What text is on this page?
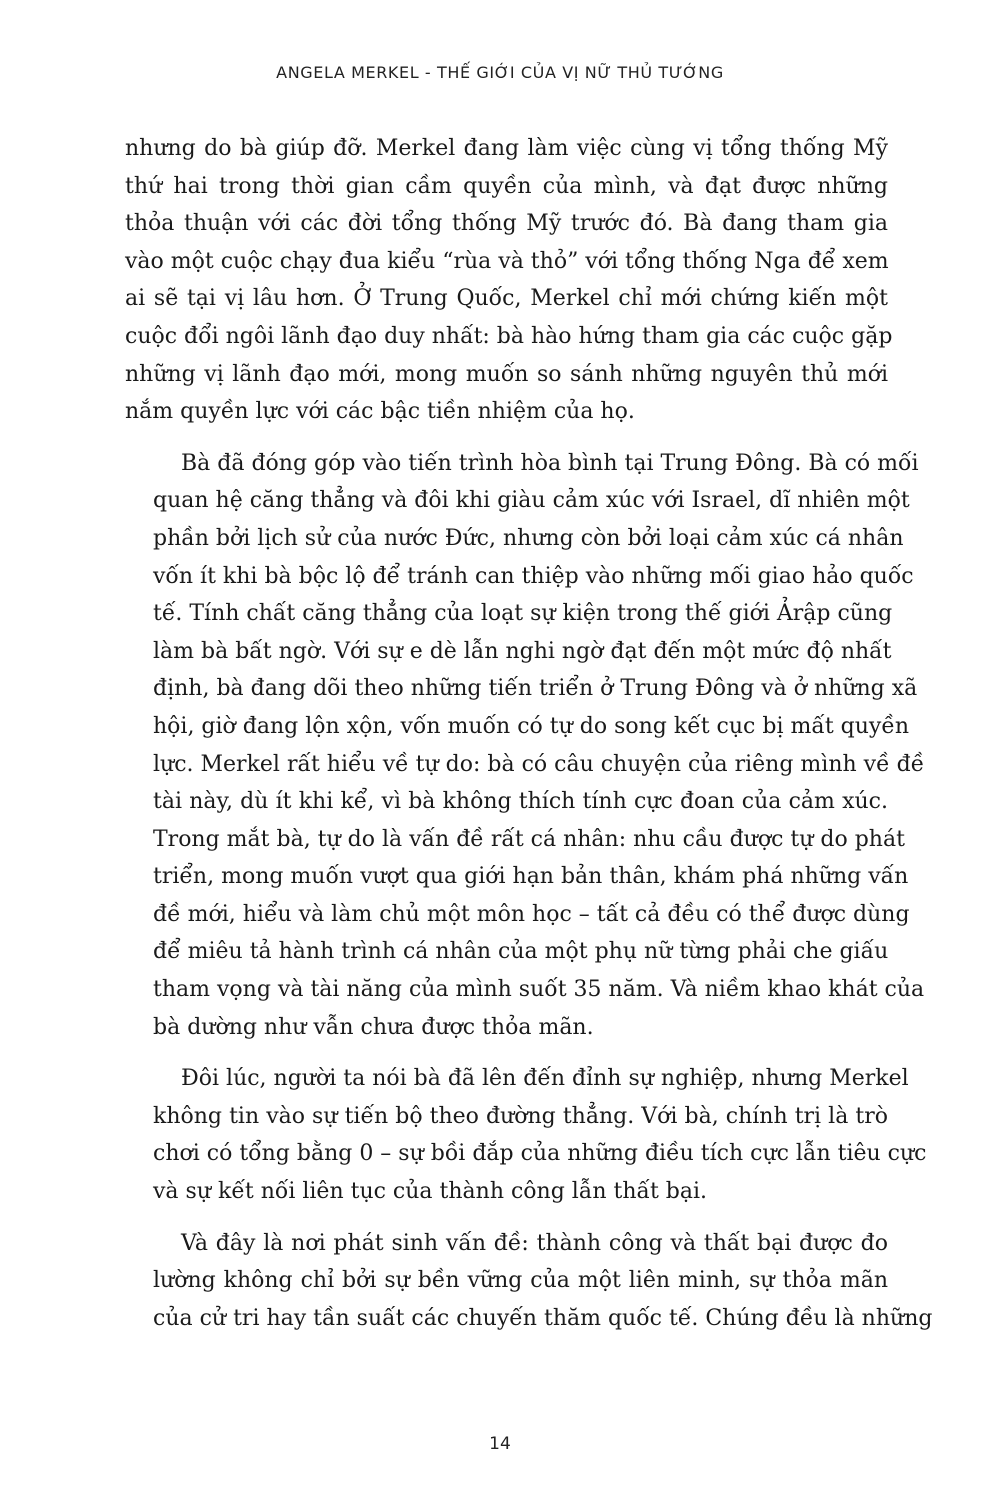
ANGELA MERKEL - THẾ GIỚI CỦA VỊ NỮ THỦ TƯỚNG
nhưng do bà giúp đỡ. Merkel đang làm việc cùng vị tổng thống Mỹ
thứ hai trong thời gian cầm quyền của mình, và đạt được những
thỏa thuận với các đời tổng thống Mỹ trước đó. Bà đang tham gia
vào một cuộc chạy đua kiểu “rùa và thỏ” với tổng thống Nga để xem
ai sẽ tại vị lâu hơn. Ở Trung Quốc, Merkel chỉ mới chứng kiến một
cuộc đổi ngôi lãnh đạo duy nhất: bà hào hứng tham gia các cuộc gặp
những vị lãnh đạo mới, mong muốn so sánh những nguyên thủ mới
nắm quyền lực với các bậc tiền nhiệm của họ.
Bà đã đóng góp vào tiến trình hòa bình tại Trung Đông. Bà có mối
quan hệ căng thẳng và đôi khi giàu cảm xúc với Israel, dĩ nhiên một
phần bởi lịch sử của nước Đức, nhưng còn bởi loại cảm xúc cá nhân
vốn ít khi bà bộc lộ để tránh can thiệp vào những mối giao hảo quốc
tế. Tính chất căng thẳng của loạt sự kiện trong thế giới Ảrập cũng
làm bà bất ngờ. Với sự e dè lẫn nghi ngờ đạt đến một mức độ nhất
định, bà đang dõi theo những tiến triển ở Trung Đông và ở những xã
hội, giờ đang lộn xộn, vốn muốn có tự do song kết cục bị mất quyền
lực. Merkel rất hiểu về tự do: bà có câu chuyện của riêng mình về đề
tài này, dù ít khi kể, vì bà không thích tính cực đoan của cảm xúc.
Trong mắt bà, tự do là vấn đề rất cá nhân: nhu cầu được tự do phát
triển, mong muốn vượt qua giới hạn bản thân, khám phá những vấn
đề mới, hiểu và làm chủ một môn học – tất cả đều có thể được dùng
để miêu tả hành trình cá nhân của một phụ nữ từng phải che giấu
tham vọng và tài năng của mình suốt 35 năm. Và niềm khao khát của
bà dường như vẫn chưa được thỏa mãn.
Đôi lúc, người ta nói bà đã lên đến đỉnh sự nghiệp, nhưng Merkel
không tin vào sự tiến bộ theo đường thẳng. Với bà, chính trị là trò
chơi có tổng bằng 0 – sự bồi đắp của những điều tích cực lẫn tiêu cực
và sự kết nối liên tục của thành công lẫn thất bại.
Và đây là nơi phát sinh vấn đề: thành công và thất bại được đo
lường không chỉ bởi sự bền vững của một liên minh, sự thỏa mãn
của cử tri hay tần suất các chuyến thăm quốc tế. Chúng đều là những
14
